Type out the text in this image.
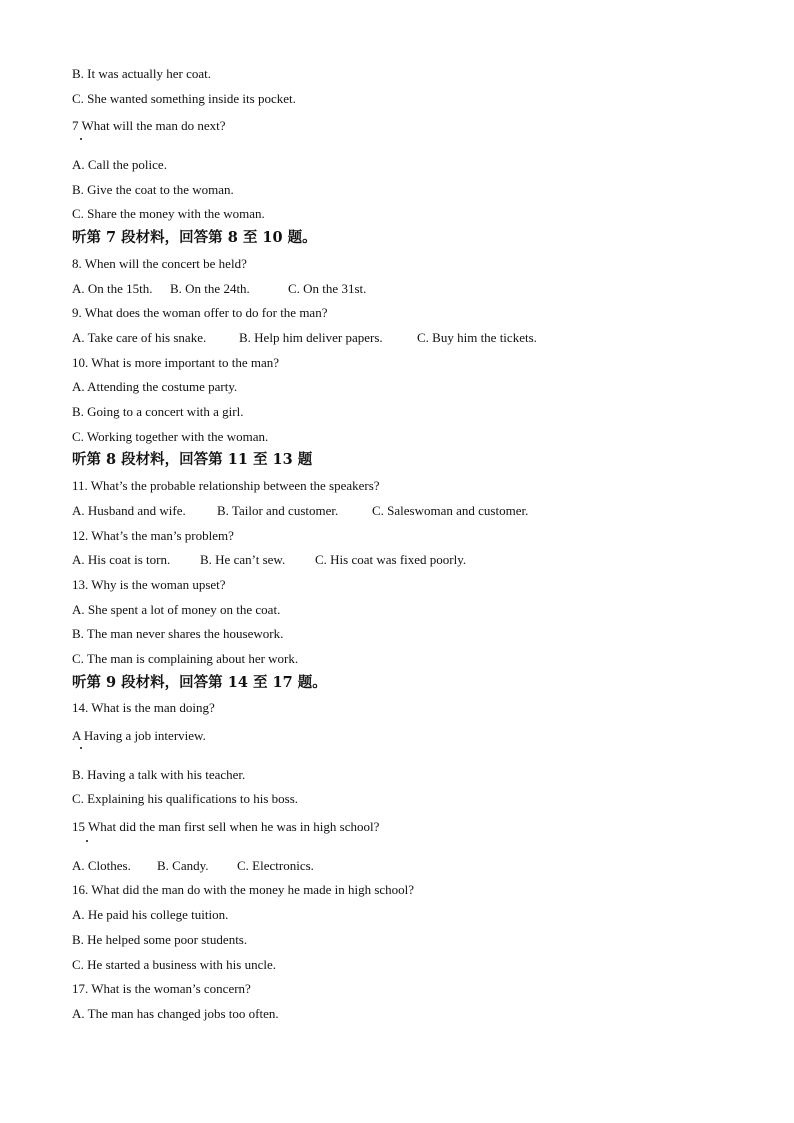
B. It was actually her coat.

C. She wanted something inside its pocket.

7 What will the man do next?

A. Call the police.

B. Give the coat to the woman.

C. Share the money with the woman.

听第 7 段材料，回答第 8 至 10 题。

8. When will the concert be held?

A. On the 15th. B. On the 24th.	C. On the 31st.

9. What does the woman offer to do for the man?

A. Take care of his snake.	B. Help him deliver papers.	C. Buy him the tickets.

10. What is more important to the man?

A. Attending the costume party.

B. Going to a concert with a girl.

C. Working together with the woman.

听第 8 段材料，回答第 11 至 13 题

11. What’s the probable relationship between the speakers?

A. Husband and wife. B. Tailor and customer.	C. Saleswoman and customer.

12. What’s the man’s problem?

A. His coat is torn. B. He can’t sew. C. His coat was fixed poorly.

13. Why is the woman upset?

A. She spent a lot of money on the coat.

B. The man never shares the housework.

C. The man is complaining about her work.

听第 9 段材料，回答第 14 至 17 题。

14. What is the man doing?

A Having a job interview.

B. Having a talk with his teacher.

C. Explaining his qualifications to his boss.

15 What did the man first sell when he was in high school?

A. Clothes. B. Candy. C. Electronics.

16. What did the man do with the money he made in high school?

A. He paid his college tuition.

B. He helped some poor students.

C. He started a business with his uncle.

17. What is the woman’s concern?

A. The man has changed jobs too often.
